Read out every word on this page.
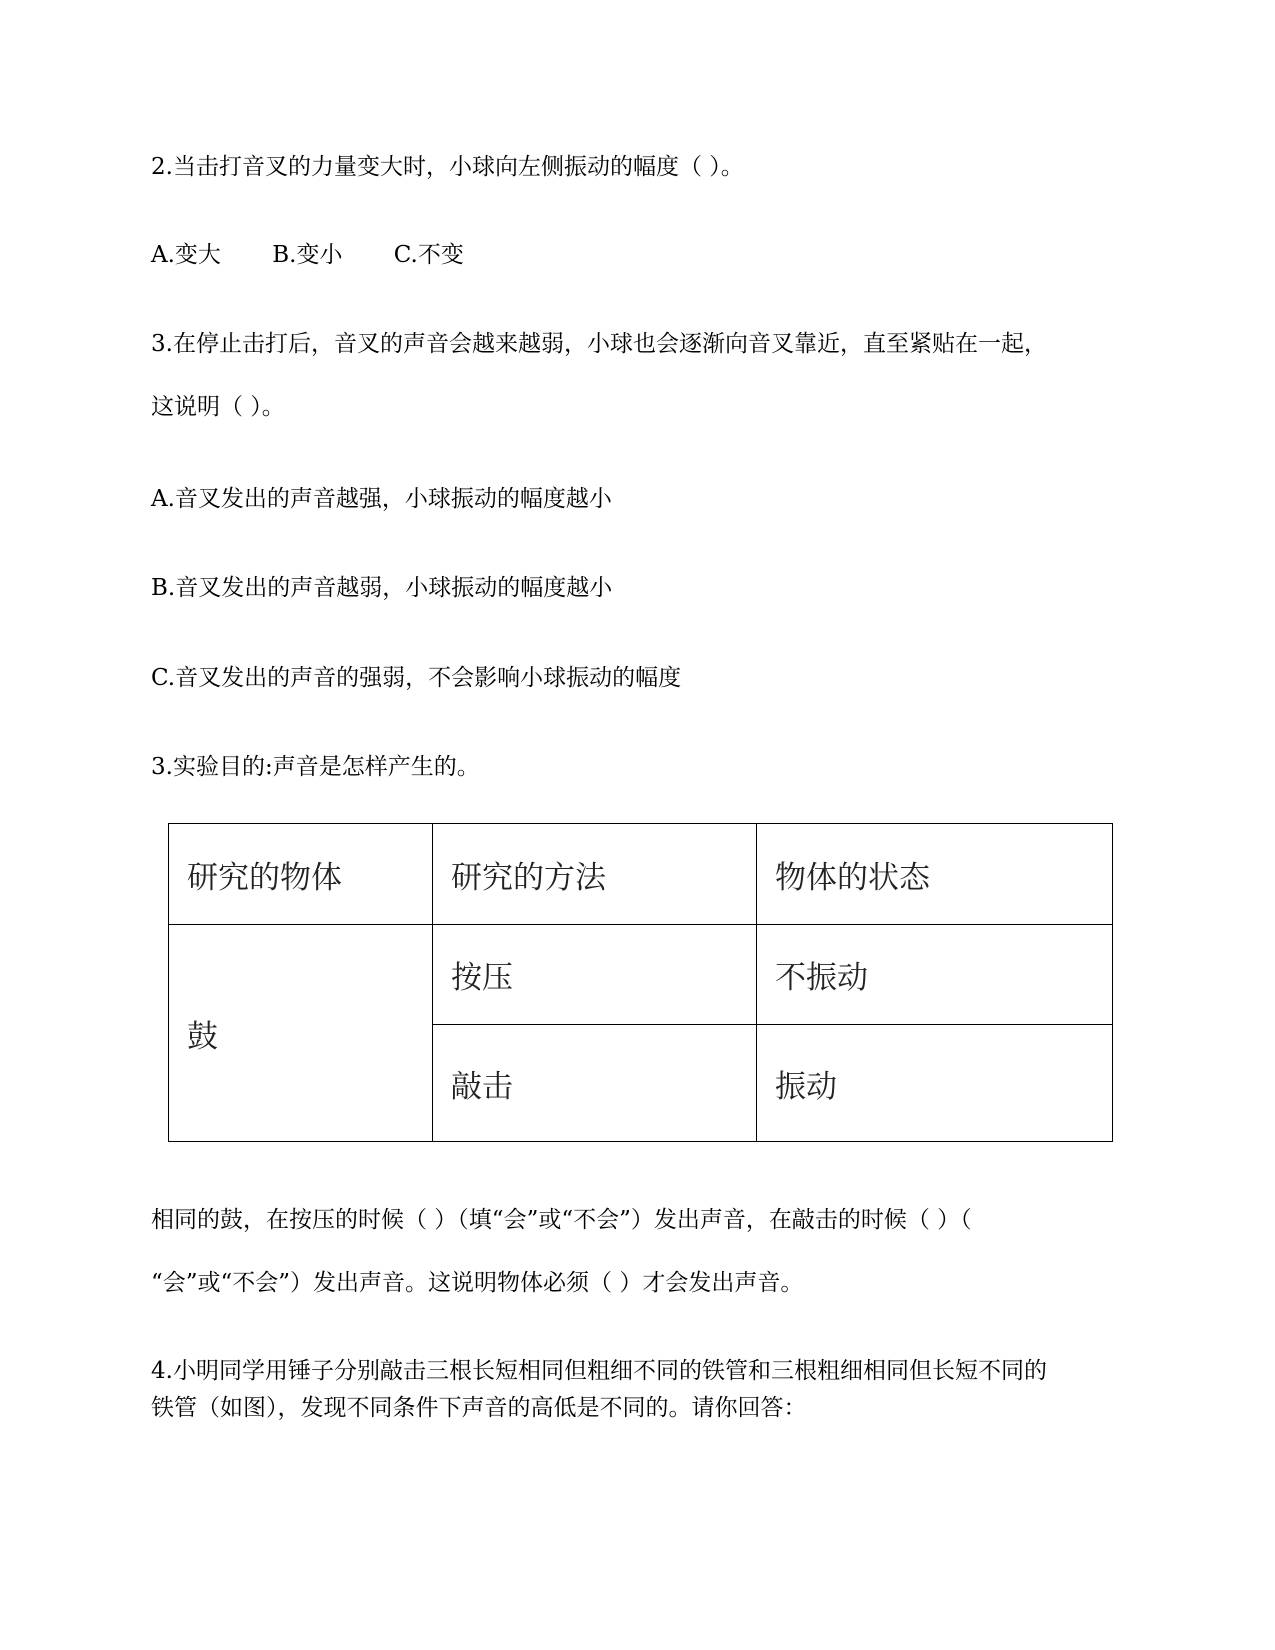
2.当击打音叉的力量变大时，小球向左侧振动的幅度（ ）。
A.变大 B.变小 C.不变
3.在停止击打后，音叉的声音会越来越弱，小球也会逐渐向音叉靠近，直至紧贴在一起，
这说明（ ）。
A.音叉发出的声音越强，小球振动的幅度越小
B.音叉发出的声音越弱，小球振动的幅度越小
C.音叉发出的声音的强弱，不会影响小球振动的幅度
3.实验目的:声音是怎样产生的。
研究的物体	研究的方法	物体的状态
鼓	按压	不振动
	敲击	振动
相同的鼓，在按压的时候（ ）（填“会”或“不会”）发出声音，在敲击的时候（ ）（
“会”或“不会”）发出声音。这说明物体必须（ ）才会发出声音。
4.小明同学用锤子分别敲击三根长短相同但粗细不同的铁管和三根粗细相同但长短不同的
铁管（如图），发现不同条件下声音的高低是不同的。请你回答：
